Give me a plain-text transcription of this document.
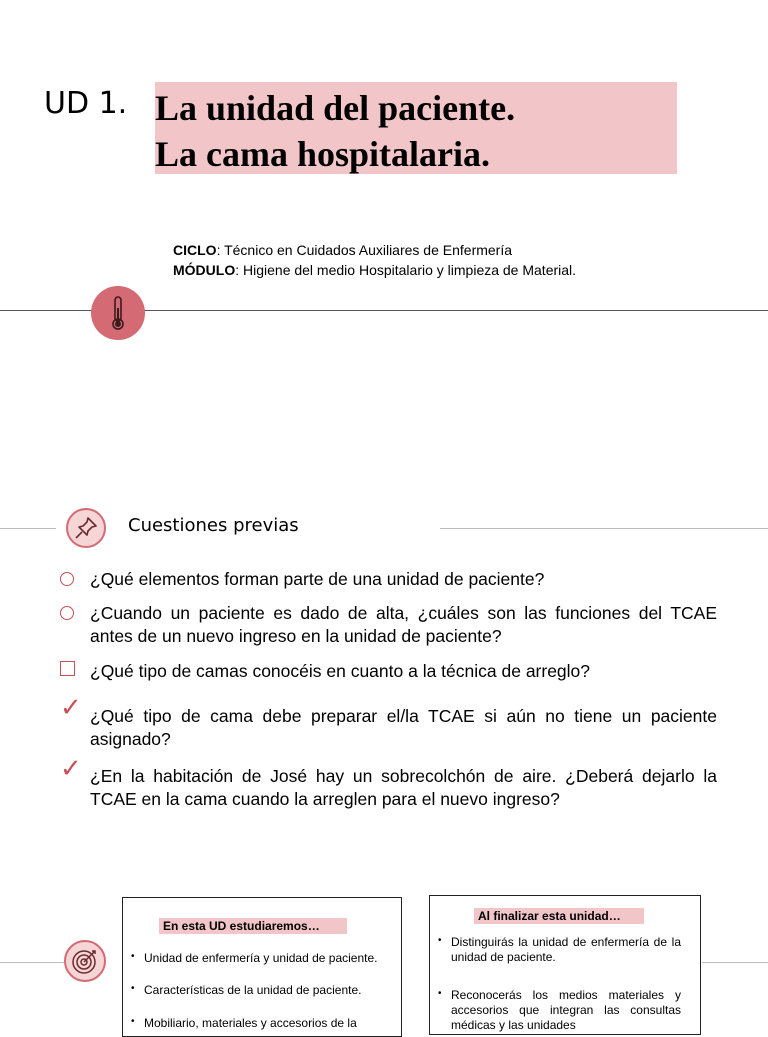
UD 1. La unidad del paciente.
La cama hospitalaria.
CICLO: Técnico en Cuidados Auxiliares de Enfermería
MÓDULO: Higiene del medio Hospitalario y limpieza de Material.
Cuestiones previas
¿Qué elementos forman parte de una unidad de paciente?
¿Cuando un paciente es dado de alta, ¿cuáles son las funciones del TCAE antes de un nuevo ingreso en la unidad de paciente?
¿Qué tipo de camas conocéis en cuanto a la técnica de arreglo?
✓ ¿Qué tipo de cama debe preparar el/la TCAE si aún no tiene un paciente asignado?
✓ ¿En la habitación de José hay un sobrecolchón de aire. ¿Deberá dejarlo la TCAE en la cama cuando la arreglen para el nuevo ingreso?
En esta UD estudiaremos…
• Unidad de enfermería y unidad de paciente.
• Características de la unidad de paciente.
• Mobiliario, materiales y accesorios de la
Al finalizar esta unidad…
• Distinguirás la unidad de enfermería de la unidad de paciente.
• Reconocerás los medios materiales y accesorios que integran las consultas médicas y las unidades
